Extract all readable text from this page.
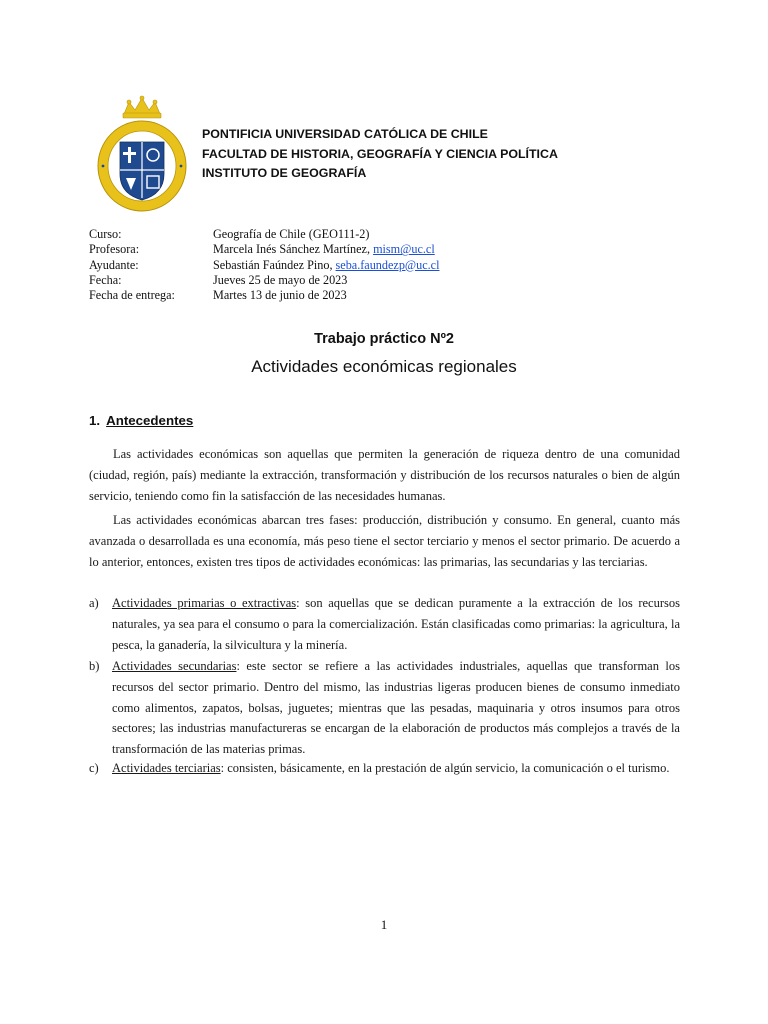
PONTIFICIA UNIVERSIDAD CATÓLICA DE CHILE
FACULTAD DE HISTORIA, GEOGRAFÍA Y CIENCIA POLÍTICA
INSTITUTO DE GEOGRAFÍA
Curso:	Geografía de Chile (GEO111-2)
Profesora:	Marcela Inés Sánchez Martínez, mism@uc.cl
Ayudante:	Sebastián Faúndez Pino, seba.faundezp@uc.cl
Fecha:	Jueves 25 de mayo de 2023
Fecha de entrega:	Martes 13 de junio de 2023
Trabajo práctico Nº2
Actividades económicas regionales
1. Antecedentes
Las actividades económicas son aquellas que permiten la generación de riqueza dentro de una comunidad (ciudad, región, país) mediante la extracción, transformación y distribución de los recursos naturales o bien de algún servicio, teniendo como fin la satisfacción de las necesidades humanas.
Las actividades económicas abarcan tres fases: producción, distribución y consumo. En general, cuanto más avanzada o desarrollada es una economía, más peso tiene el sector terciario y menos el sector primario. De acuerdo a lo anterior, entonces, existen tres tipos de actividades económicas: las primarias, las secundarias y las terciarias.
a) Actividades primarias o extractivas: son aquellas que se dedican puramente a la extracción de los recursos naturales, ya sea para el consumo o para la comercialización. Están clasificadas como primarias: la agricultura, la pesca, la ganadería, la silvicultura y la minería.
b) Actividades secundarias: este sector se refiere a las actividades industriales, aquellas que transforman los recursos del sector primario. Dentro del mismo, las industrias ligeras producen bienes de consumo inmediato como alimentos, zapatos, bolsas, juguetes; mientras que las pesadas, maquinaria y otros insumos para otros sectores; las industrias manufactureras se encargan de la elaboración de productos más complejos a través de la transformación de las materias primas.
c) Actividades terciarias: consisten, básicamente, en la prestación de algún servicio, la comunicación o el turismo.
1
